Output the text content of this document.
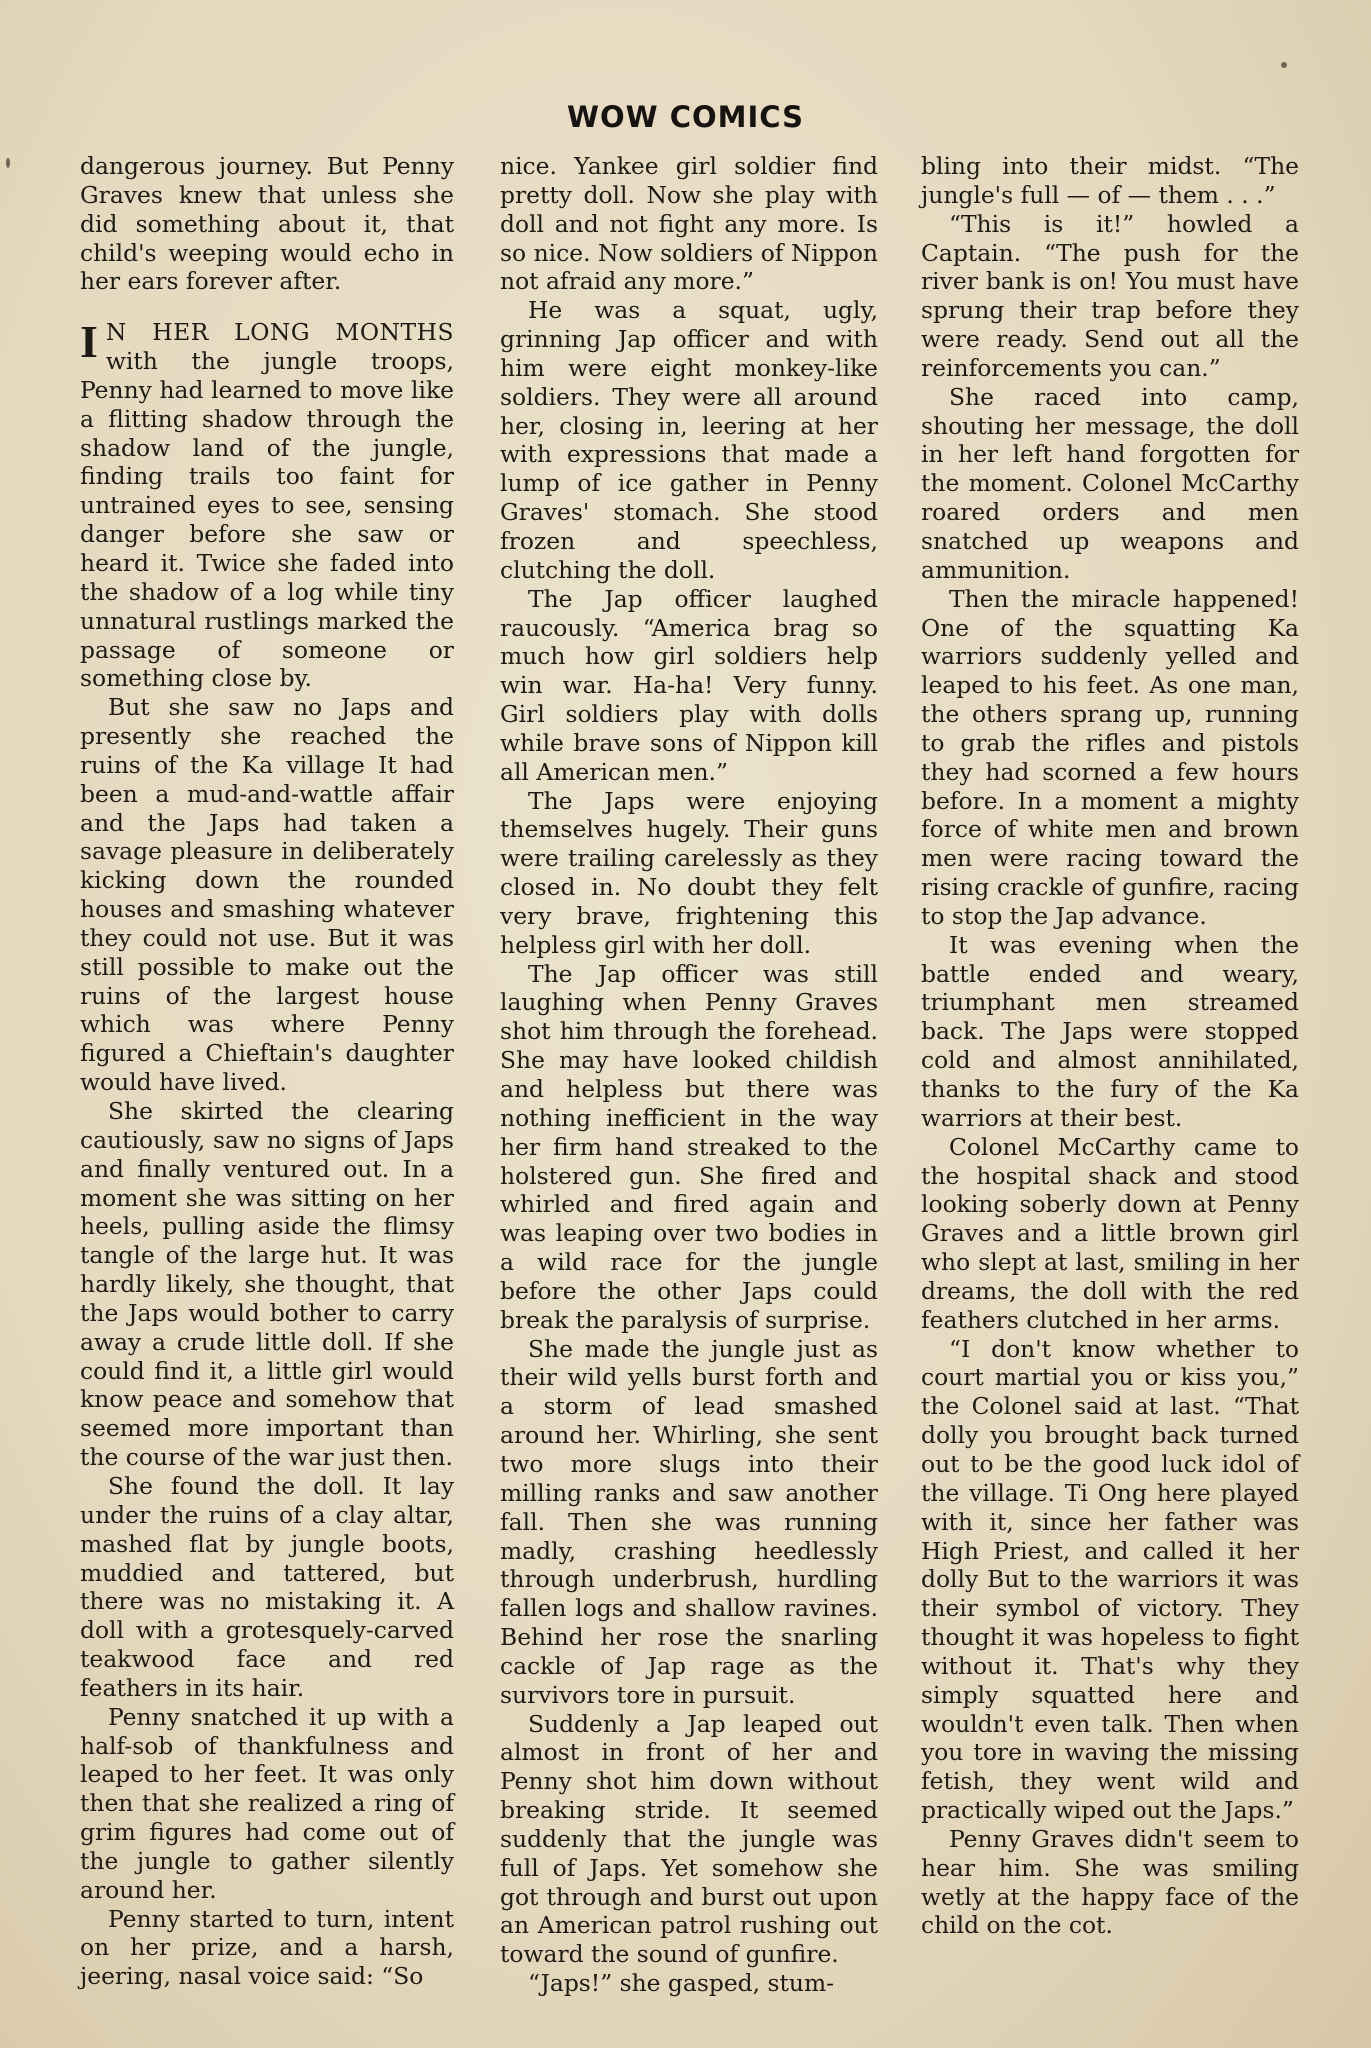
WOW COMICS

dangerous journey. But Penny Graves knew that unless she did something about it, that child's weeping would echo in her ears forever after.

I N HER LONG MONTHS with the jungle troops, Penny had learned to move like a flitting shadow through the shadow land of the jungle, finding trails too faint for untrained eyes to see, sensing danger before she saw or heard it. Twice she faded into the shadow of a log while tiny unnatural rustlings marked the passage of someone or something close by.

But she saw no Japs and presently she reached the ruins of the Ka village It had been a mud-and-wattle affair and the Japs had taken a savage pleasure in deliberately kicking down the rounded houses and smashing whatever they could not use. But it was still possible to make out the ruins of the largest house which was where Penny figured a Chieftain's daughter would have lived.

She skirted the clearing cautiously, saw no signs of Japs and finally ventured out. In a moment she was sitting on her heels, pulling aside the flimsy tangle of the large hut. It was hardly likely, she thought, that the Japs would bother to carry away a crude little doll. If she could find it, a little girl would know peace and somehow that seemed more important than the course of the war just then.

She found the doll. It lay under the ruins of a clay altar, mashed flat by jungle boots, muddied and tattered, but there was no mistaking it. A doll with a grotesquely-carved teakwood face and red feathers in its hair.

Penny snatched it up with a half-sob of thankfulness and leaped to her feet. It was only then that she realized a ring of grim figures had come out of the jungle to gather silently around her.

Penny started to turn, intent on her prize, and a harsh, jeering, nasal voice said: “So

nice. Yankee girl soldier find pretty doll. Now she play with doll and not fight any more. Is so nice. Now soldiers of Nippon not afraid any more.”

He was a squat, ugly, grinning Jap officer and with him were eight monkey-like soldiers. They were all around her, closing in, leering at her with expressions that made a lump of ice gather in Penny Graves' stomach. She stood frozen and speechless, clutching the doll.

The Jap officer laughed raucously. “America brag so much how girl soldiers help win war. Ha-ha! Very funny. Girl soldiers play with dolls while brave sons of Nippon kill all American men.”

The Japs were enjoying themselves hugely. Their guns were trailing carelessly as they closed in. No doubt they felt very brave, frightening this helpless girl with her doll.

The Jap officer was still laughing when Penny Graves shot him through the forehead. She may have looked childish and helpless but there was nothing inefficient in the way her firm hand streaked to the holstered gun. She fired and whirled and fired again and was leaping over two bodies in a wild race for the jungle before the other Japs could break the paralysis of surprise.

She made the jungle just as their wild yells burst forth and a storm of lead smashed around her. Whirling, she sent two more slugs into their milling ranks and saw another fall. Then she was running madly, crashing heedlessly through underbrush, hurdling fallen logs and shallow ravines. Behind her rose the snarling cackle of Jap rage as the survivors tore in pursuit.

Suddenly a Jap leaped out almost in front of her and Penny shot him down without breaking stride. It seemed suddenly that the jungle was full of Japs. Yet somehow she got through and burst out upon an American patrol rushing out toward the sound of gunfire.

“Japs!” she gasped, stum-

bling into their midst. “The jungle's full — of — them . . .”

“This is it!” howled a Captain. “The push for the river bank is on! You must have sprung their trap before they were ready. Send out all the reinforcements you can.”

She raced into camp, shouting her message, the doll in her left hand forgotten for the moment. Colonel McCarthy roared orders and men snatched up weapons and ammunition.

Then the miracle happened! One of the squatting Ka warriors suddenly yelled and leaped to his feet. As one man, the others sprang up, running to grab the rifles and pistols they had scorned a few hours before. In a moment a mighty force of white men and brown men were racing toward the rising crackle of gunfire, racing to stop the Jap advance.

It was evening when the battle ended and weary, triumphant men streamed back. The Japs were stopped cold and almost annihilated, thanks to the fury of the Ka warriors at their best.

Colonel McCarthy came to the hospital shack and stood looking soberly down at Penny Graves and a little brown girl who slept at last, smiling in her dreams, the doll with the red feathers clutched in her arms.

“I don't know whether to court martial you or kiss you,” the Colonel said at last. “That dolly you brought back turned out to be the good luck idol of the village. Ti Ong here played with it, since her father was High Priest, and called it her dolly But to the warriors it was their symbol of victory. They thought it was hopeless to fight without it. That's why they simply squatted here and wouldn't even talk. Then when you tore in waving the missing fetish, they went wild and practically wiped out the Japs.”

Penny Graves didn't seem to hear him. She was smiling wetly at the happy face of the child on the cot.
